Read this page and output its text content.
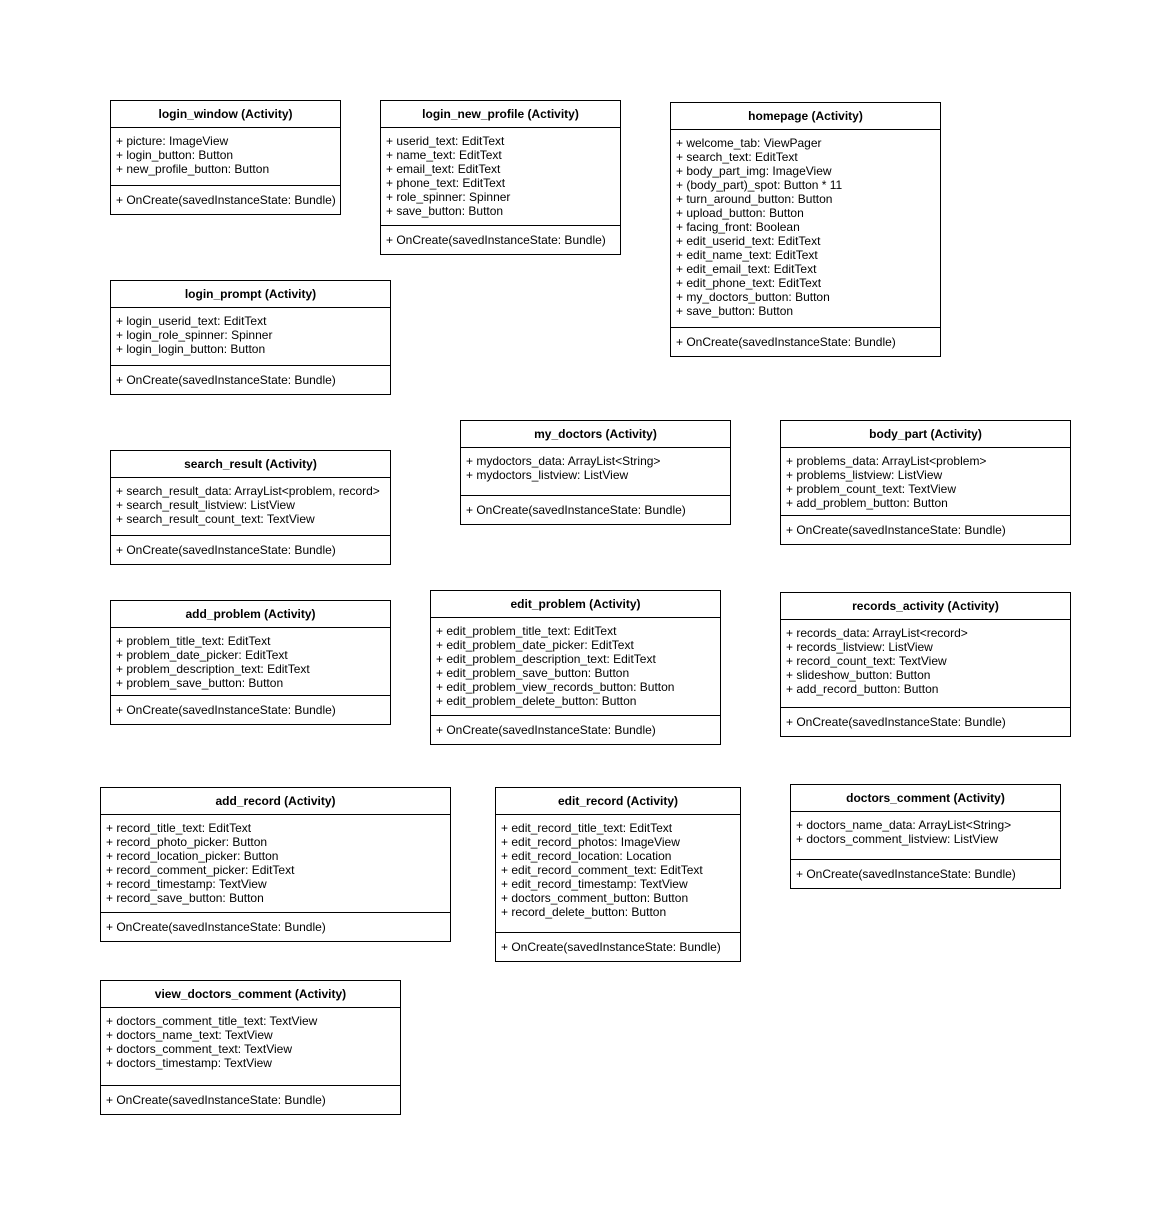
login_window (Activity)
+ picture: ImageView
+ login_button: Button
+ new_profile_button: Button
+ OnCreate(savedInstanceState: Bundle)
login_new_profile (Activity)
+ userid_text: EditText
+ name_text: EditText
+ email_text: EditText
+ phone_text: EditText
+ role_spinner: Spinner
+ save_button: Button
+ OnCreate(savedInstanceState: Bundle)
homepage (Activity)
+ welcome_tab: ViewPager
+ search_text: EditText
+ body_part_img: ImageView
+ (body_part)_spot: Button * 11
+ turn_around_button: Button
+ upload_button: Button
+ facing_front: Boolean
+ edit_userid_text: EditText
+ edit_name_text: EditText
+ edit_email_text: EditText
+ edit_phone_text: EditText
+ my_doctors_button: Button
+ save_button: Button
+ OnCreate(savedInstanceState: Bundle)
login_prompt (Activity)
+ login_userid_text: EditText
+ login_role_spinner: Spinner
+ login_login_button: Button
+ OnCreate(savedInstanceState: Bundle)
my_doctors (Activity)
+ mydoctors_data: ArrayList<String>
+ mydoctors_listview: ListView
+ OnCreate(savedInstanceState: Bundle)
body_part (Activity)
+ problems_data: ArrayList<problem>
+ problems_listview: ListView
+ problem_count_text: TextView
+ add_problem_button: Button
+ OnCreate(savedInstanceState: Bundle)
search_result (Activity)
+ search_result_data: ArrayList<problem, record>
+ search_result_listview: ListView
+ search_result_count_text: TextView
+ OnCreate(savedInstanceState: Bundle)
add_problem (Activity)
+ problem_title_text: EditText
+ problem_date_picker: EditText
+ problem_description_text: EditText
+ problem_save_button: Button
+ OnCreate(savedInstanceState: Bundle)
edit_problem (Activity)
+ edit_problem_title_text: EditText
+ edit_problem_date_picker: EditText
+ edit_problem_description_text: EditText
+ edit_problem_save_button: Button
+ edit_problem_view_records_button: Button
+ edit_problem_delete_button: Button
+ OnCreate(savedInstanceState: Bundle)
records_activity (Activity)
+ records_data: ArrayList<record>
+ records_listview: ListView
+ record_count_text: TextView
+ slideshow_button: Button
+ add_record_button: Button
+ OnCreate(savedInstanceState: Bundle)
add_record (Activity)
+ record_title_text: EditText
+ record_photo_picker: Button
+ record_location_picker: Button
+ record_comment_picker: EditText
+ record_timestamp: TextView
+ record_save_button: Button
+ OnCreate(savedInstanceState: Bundle)
edit_record (Activity)
+ edit_record_title_text: EditText
+ edit_record_photos: ImageView
+ edit_record_location: Location
+ edit_record_comment_text: EditText
+ edit_record_timestamp: TextView
+ doctors_comment_button: Button
+ record_delete_button: Button
+ OnCreate(savedInstanceState: Bundle)
doctors_comment (Activity)
+ doctors_name_data: ArrayList<String>
+ doctors_comment_listview: ListView
+ OnCreate(savedInstanceState: Bundle)
view_doctors_comment (Activity)
+ doctors_comment_title_text: TextView
+ doctors_name_text: TextView
+ doctors_comment_text: TextView
+ doctors_timestamp: TextView
+ OnCreate(savedInstanceState: Bundle)
